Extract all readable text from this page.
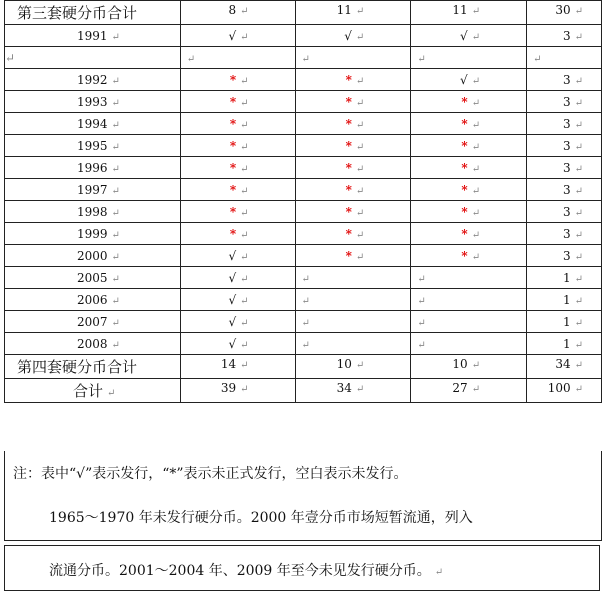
第三套硬分币合计	8 ↵	11 ↵	11 ↵	30 ↵
1991 ↵	√ ↵	√ ↵	√ ↵	3 ↵
↵	↵	↵	↵	↵
1992 ↵	* ↵	* ↵	√ ↵	3 ↵
1993 ↵	* ↵	* ↵	* ↵	3 ↵
1994 ↵	* ↵	* ↵	* ↵	3 ↵
1995 ↵	* ↵	* ↵	* ↵	3 ↵
1996 ↵	* ↵	* ↵	* ↵	3 ↵
1997 ↵	* ↵	* ↵	* ↵	3 ↵
1998 ↵	* ↵	* ↵	* ↵	3 ↵
1999 ↵	* ↵	* ↵	* ↵	3 ↵
2000 ↵	√ ↵	* ↵	* ↵	3 ↵
2005 ↵	√ ↵	↵	↵	1 ↵
2006 ↵	√ ↵	↵	↵	1 ↵
2007 ↵	√ ↵	↵	↵	1 ↵
2008 ↵	√ ↵	↵	↵	1 ↵
第四套硬分币合计	14 ↵	10 ↵	10 ↵	34 ↵
合计 ↵	39 ↵	34 ↵	27 ↵	100 ↵
注：表中“√”表示发行，“*”表示未正式发行，空白表示未发行。
1965～1970 年未发行硬分币。2000 年壹分币市场短暂流通，列入
流通分币。2001～2004 年、2009 年至今未见发行硬分币。 ↵
